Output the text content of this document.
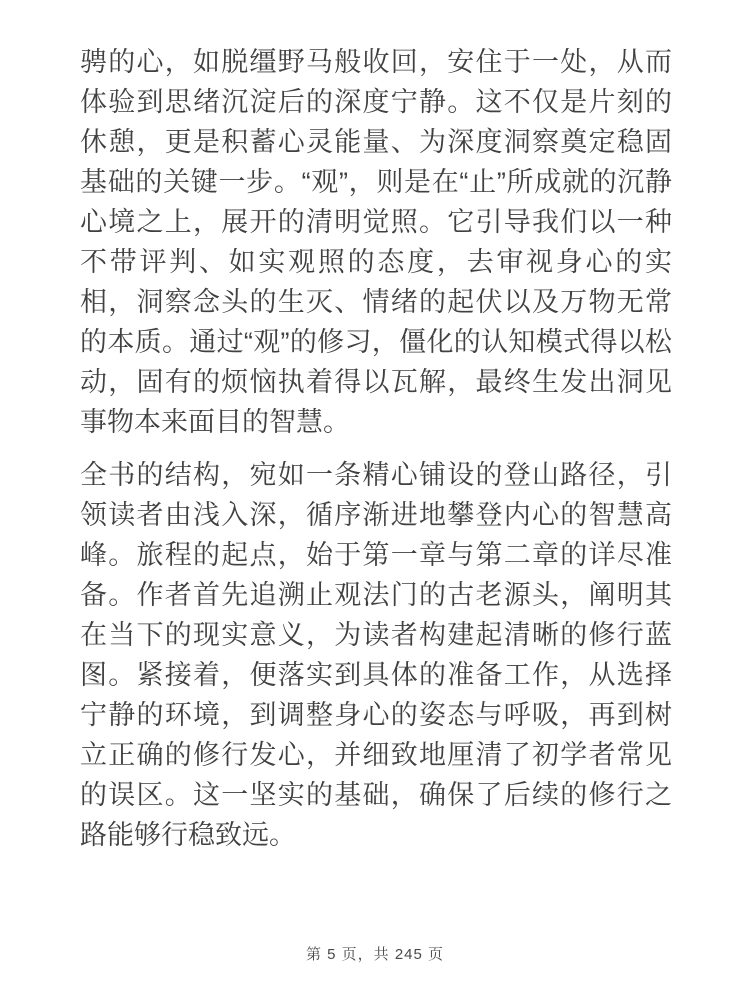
骋的心，如脱缰野马般收回，安住于一处，从而体验到思绪沉淀后的深度宁静。这不仅是片刻的休憩，更是积蓄心灵能量、为深度洞察奠定稳固基础的关键一步。“观”，则是在“止”所成就的沉静心境之上，展开的清明觉照。它引导我们以一种不带评判、如实观照的态度，去审视身心的实相，洞察念头的生灭、情绪的起伏以及万物无常的本质。通过“观”的修习，僵化的认知模式得以松动，固有的烦恼执着得以瓦解，最终生发出洞见事物本来面目的智慧。

全书的结构，宛如一条精心铺设的登山路径，引领读者由浅入深，循序渐进地攀登内心的智慧高峰。旅程的起点，始于第一章与第二章的详尽准备。作者首先追溯止观法门的古老源头，阐明其在当下的现实意义，为读者构建起清晰的修行蓝图。紧接着，便落实到具体的准备工作，从选择宁静的环境，到调整身心的姿态与呼吸，再到树立正确的修行发心，并细致地厘清了初学者常见的误区。这一坚实的基础，确保了后续的修行之路能够行稳致远。

第 5 页，共 245 页
